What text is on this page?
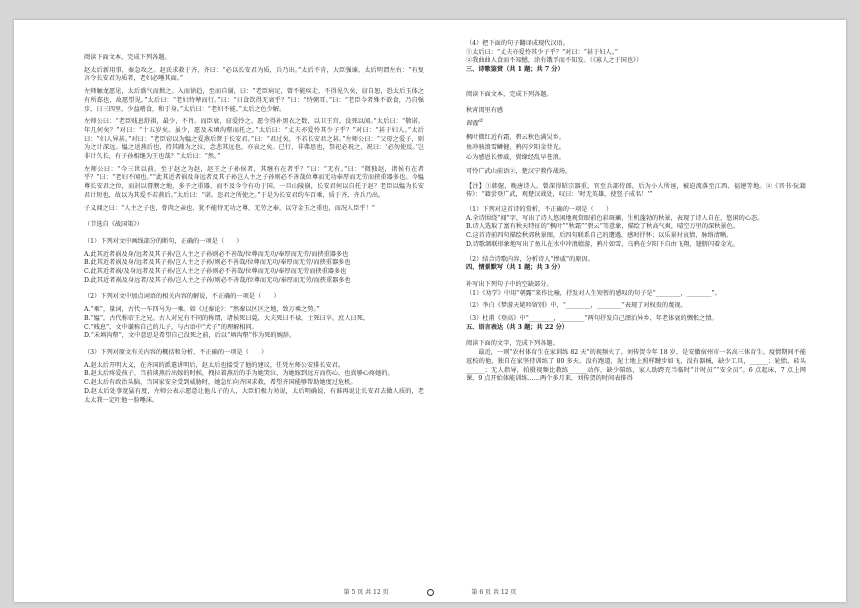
阅读下面文本，完成下列各题。

赵太后新用事，秦急攻之。赵氏求救于齐，齐曰：“必以长安君为质，兵乃出。”太后不肯，大臣强谏。太后明谓左右：“有复言令长安君为质者，老妇必唾其面。”

左师触龙愿见，太后盛气而揖之。入而徐趋，至而自谢，曰：“老臣病足，曾不能疾走，不得见久矣，窃自恕，恐太后玉体之有所郄也，故愿望见。”太后曰：“老妇恃辇而行。”曰：“日食饮得无衰乎？”曰：“恃粥耳。”曰：“老臣今者殊不欲食，乃自强步，日三四里，少益嗜食，和于身。”太后曰：“老妇不能。”太后之色少解。

左师公曰：“老臣贱息舒祺，最少，不肖。而臣衰，窃爱怜之。愿令得补黑衣之数，以卫王宫。没死以闻。”太后曰：“敬诺。年几何矣？”对曰：“十五岁矣。虽少，愿及未填沟壑而托之。”太后曰：“丈夫亦爱怜其少子乎？”对曰：“甚于妇人。”太后曰：“妇人异甚。”对曰：“老臣窃以为媪之爱燕后贤于长安君。”曰：“君过矣，不若长安君之甚。”左师公曰：“父母之爱子，则为之计深远。媪之送燕后也，持其踵为之泣，念悲其远也，亦哀之矣。已行，非弗思也，祭祀必祝之，祝曰：‘必勿使反。’岂非计久长，有子孙相继为王也哉？”太后曰：“然。”

左师公曰：“今三世以前，至于赵之为赵，赵王之子孙侯者，其继有在者乎？”曰：“无有。”曰：“微独赵，诸侯有在者乎？”曰：“老妇不闻也。”“此其近者祸及身远者及其子孙岂人主之子孙则必不善哉位尊而无功奉厚而无劳而挟重器多也。今媪尊长安君之位，而封以膏腴之地，多予之重器，而不及今令有功于国，一旦山陵崩，长安君何以自托于赵？老臣以媪为长安君计短也，故以为其爱不若燕后。”太后曰：“诺。恣君之所使之。”于是为长安君约车百乘，质于齐，齐兵乃出。

子义闻之曰：“人主之子也，骨肉之亲也，犹不能恃无功之尊，无劳之奉，以守金玉之重也，而况人臣乎！”

（节选自《战国策》）

（1）下列对文中画线部分的断句，正确的一项是（　　）

A.此其近者祸及身/远者及其子孙/岂人主之子孙则必不善哉/位尊而无功/奉厚而无劳/而挟重器多也

B.此其近者祸及身/远者及其子孙/岂人主之子孙/则必不善哉/位尊而无功/奉厚而无劳/而挟重器多也

C.此其近者祸/及身远者及其子孙/岂人主之子孙则必不善哉/位尊而无功/奉厚而无劳而挟重器多也

D.此其近者祸及身远者/及其子孙/岂人主之子孙/则必不善哉/位尊而无功/奉厚而无劳/而挟重器多也

（2）下列对文中加点词语的相关内容的解说，不正确的一项是（　　）

A.“乘”，量词，古代一车四马为一乘。如《过秦论》：“然秦以区区之地，致万乘之势。”

B.“媪”，古代称帝王之兄。古人对兄有不同的称谓，诸侯死曰薨，大夫死曰不禄，士死曰卒，庶人曰死。

C.“贱息”，文中谦称自己的儿子，与古语中“犬子”的理解相同。

D.“未填沟壑”，文中意思是希望自己没死之前，后以“填沟壑”作为死的婉辞。

（3）下列对原文有关内容的概括和分析，不正确的一项是（　　）

A.赵太后开明大义，在齐国的派遣讲明后，赵太后也接受了他的建议，任凭左师公安排长安君。

B.赵太后疼爱孩子，当前谈燕后出嫁的时候，拽拉着燕后的手为她哭泣，为她嫁到远方而伤心，也真够心疼她的。

C.赵太后有政治头脑，当国家安全受到威胁时，她急忙向齐国求救，希望齐国能够帮助她度过危机。

D.赵太后处事宽猛有度，左师公表示愿意让他儿子的人，大臣们极力劝说，太后明确说，有谁再说让长安君去做人质的，老太太我一定吐他一脸唾沫。

（4）把下面的句子翻译成现代汉语。

①太后曰：“丈夫亦爱怜其少子乎？”对曰：“甚于妇人。”

②我曲曲人食而不知憾，涂有饿孚而不知发。（《寡人之于国也》）

三、诗歌鉴赏（共 1 题；共 7 分）

阅读下面文本，完成下列各题。

秋宵闺里有感

韩偓①

枫叶微红近有霜，碧云秋色满吴乡。

鱼冲骇浪雪鳞健，鸦闪夕阳金背光。

心为感恩长惨戚，鬓缘经乱早苍浪。

可怜广武山前语②，楚汉宁教作战场。

【注】①韩偓，晚唐诗人。曾深得昭宗器重，官至兵部侍郎，后为小人所诬，被迫流落至江西、福建等地。②《晋书·阮籍传》：“籍尝登广武，观楚汉战处，叹曰：‘时无英雄，使竖子成名！’”

（1）下列对这首诗的赏析，不正确的一项是（　　）

A.全诗围绕“闻”字，写出了诗人悠闲地观赏眼前色彩斑斓、生机蓬勃的秋景，表现了诗人自在、悠闲的心态。

B.诗人选取了富有秋天特征的“枫叶”“秋霜”“碧云”等意象，描绘了秋高气爽，晴空万里的深秋景色。

C.这首诗前四句描绘秋郊秋景图，后四句联系自己的遭遇，感时抒怀；以乐景衬哀情，脉络清晰。

D.诗歌颔联形象地写出了鱼儿在水中冲浪嬉游，鸦片如雪，乌鸦在夕阳下自由飞翔，翅膀闪着金光。

（2）结合诗歌内容，分析诗人“惨戚”的原因。

四、情景默写（共 1 题；共 3 分）

补写出下列句子中的空缺部分。

（1）《劝学》中用“朝露”来作比喻，抒发对人生短暂的感叹的句子是“________，________”。

（2）李白《梦游天姥吟留别》中，“________，________”表现了对权贵的蔑视。

（3）杜甫《登高》中“________，________”两句抒发自己漂泊异乡、年老体衰的惆怅之情。

五、语言表达（共 3 题；共 22 分）

阅读下面的文字，完成下列各题。

　　最近，一则“农村体育生在家训练 82 天”的视频火了。刘传贺今年 18 岁，是安徽宿州市一名高三体育生。疫情期间不能返校的他，独自在家坚持训练了 80 多天。没有跑道，泥土地上照样踺步如飞，没有器械，缺少工具，______；轮胎，砖头______；无人指导，拍摄视频比教练______动作，缺少陪练，家人助跨充当临时“计时员”“安全员”。6 点起床，7 点上网课，9 点开始体能训练……两个多月来，刘传贺的时间表排得

第 5 页 共 12 页	第 6 页 共 12 页
